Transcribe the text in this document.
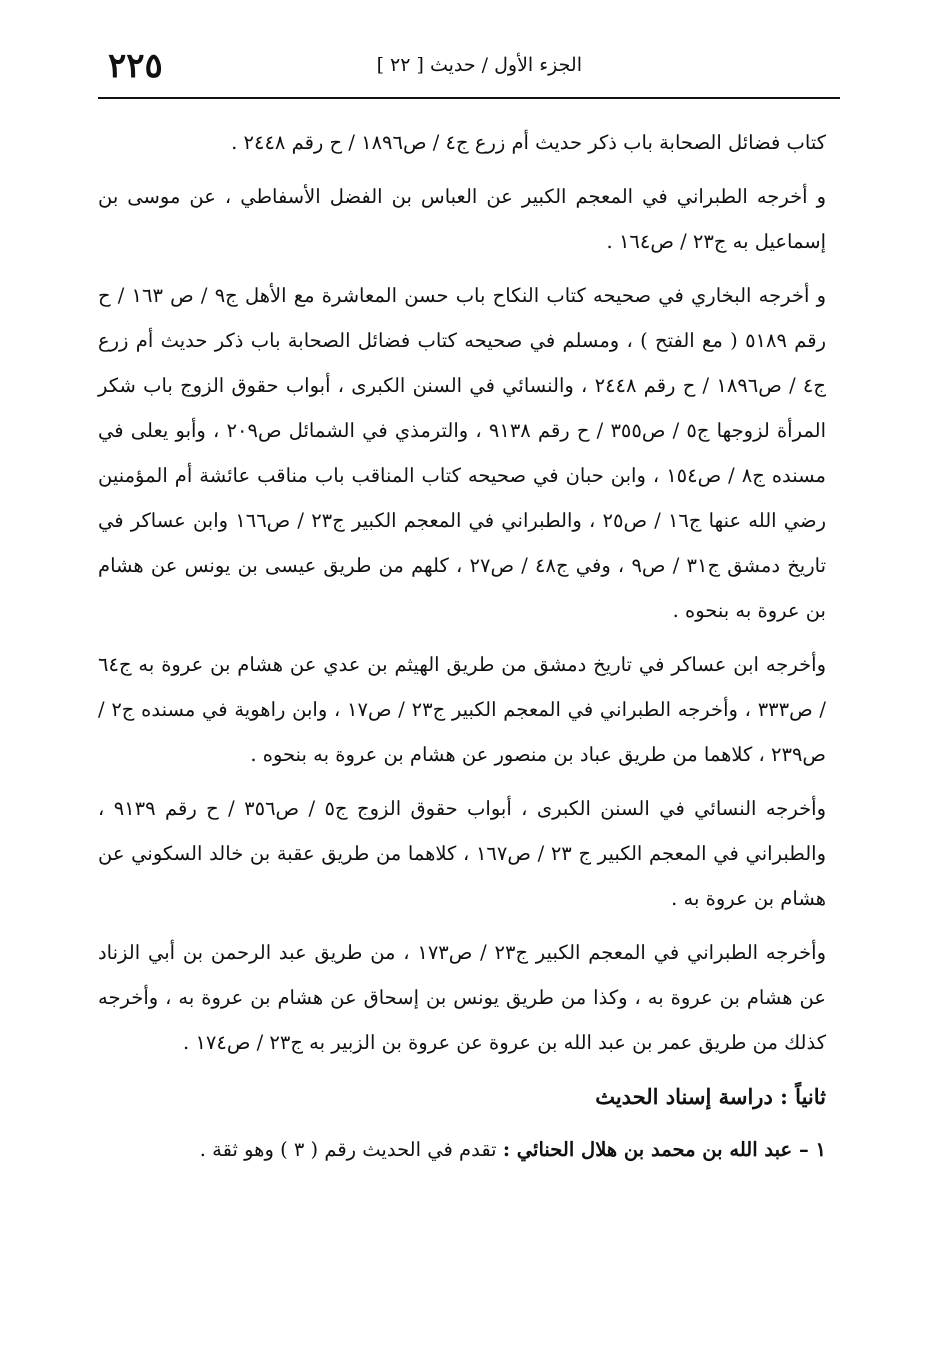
الجزء الأول / حديث [ ٢٢ ]
٢٢٥

كتاب فضائل الصحابة باب ذكر حديث أم زرع ج٤ / ص١٨٩٦ / ح رقم ٢٤٤٨ .

و أخرجه الطبراني في المعجم الكبير عن العباس بن الفضل الأسفاطي ، عن موسى بن إسماعيل به ج٢٣ / ص١٦٤ .

و أخرجه البخاري في صحيحه كتاب النكاح باب حسن المعاشرة مع الأهل ج٩ / ص ١٦٣ / ح رقم ٥١٨٩ ( مع الفتح ) ، ومسلم في صحيحه كتاب فضائل الصحابة باب ذكر حديث أم زرع ج٤ / ص١٨٩٦ / ح رقم ٢٤٤٨ ، والنسائي في السنن الكبرى ، أبواب حقوق الزوج باب شكر المرأة لزوجها ج٥ / ص٣٥٥ / ح رقم ٩١٣٨ ، والترمذي في الشمائل ص٢٠٩ ، وأبو يعلى في مسنده ج٨ / ص١٥٤ ، وابن حبان في صحيحه كتاب المناقب باب مناقب عائشة أم المؤمنين رضي الله عنها ج١٦ / ص٢٥ ، والطبراني في المعجم الكبير ج٢٣ / ص١٦٦ وابن عساكر في تاريخ دمشق ج٣١ / ص٩ ، وفي ج٤٨ / ص٢٧ ، كلهم من طريق عيسى بن يونس عن هشام بن عروة به بنحوه .

وأخرجه ابن عساكر في تاريخ دمشق من طريق الهيثم بن عدي عن هشام بن عروة به ج٦٤ / ص٣٣٣ ، وأخرجه الطبراني في المعجم الكبير ج٢٣ / ص١٧ ، وابن راهوية في مسنده ج٢ / ص٢٣٩ ، كلاهما من طريق عباد بن منصور عن هشام بن عروة به بنحوه .

وأخرجه النسائي في السنن الكبرى ، أبواب حقوق الزوج ج٥ / ص٣٥٦ / ح رقم ٩١٣٩ ، والطبراني في المعجم الكبير ج ٢٣ / ص١٦٧ ، كلاهما من طريق عقبة بن خالد السكوني عن هشام بن عروة به .

وأخرجه الطبراني في المعجم الكبير ج٢٣ / ص١٧٣ ، من طريق عبد الرحمن بن أبي الزناد عن هشام بن عروة به ، وكذا من طريق يونس بن إسحاق عن هشام بن عروة به ، وأخرجه كذلك من طريق عمر بن عبد الله بن عروة عن عروة بن الزبير به ج٢٣ / ص١٧٤ .

ثانياً : دراسة إسناد الحديث

١ – عبد الله بن محمد بن هلال الحنائي : تقدم في الحديث رقم ( ٣ ) وهو ثقة .
